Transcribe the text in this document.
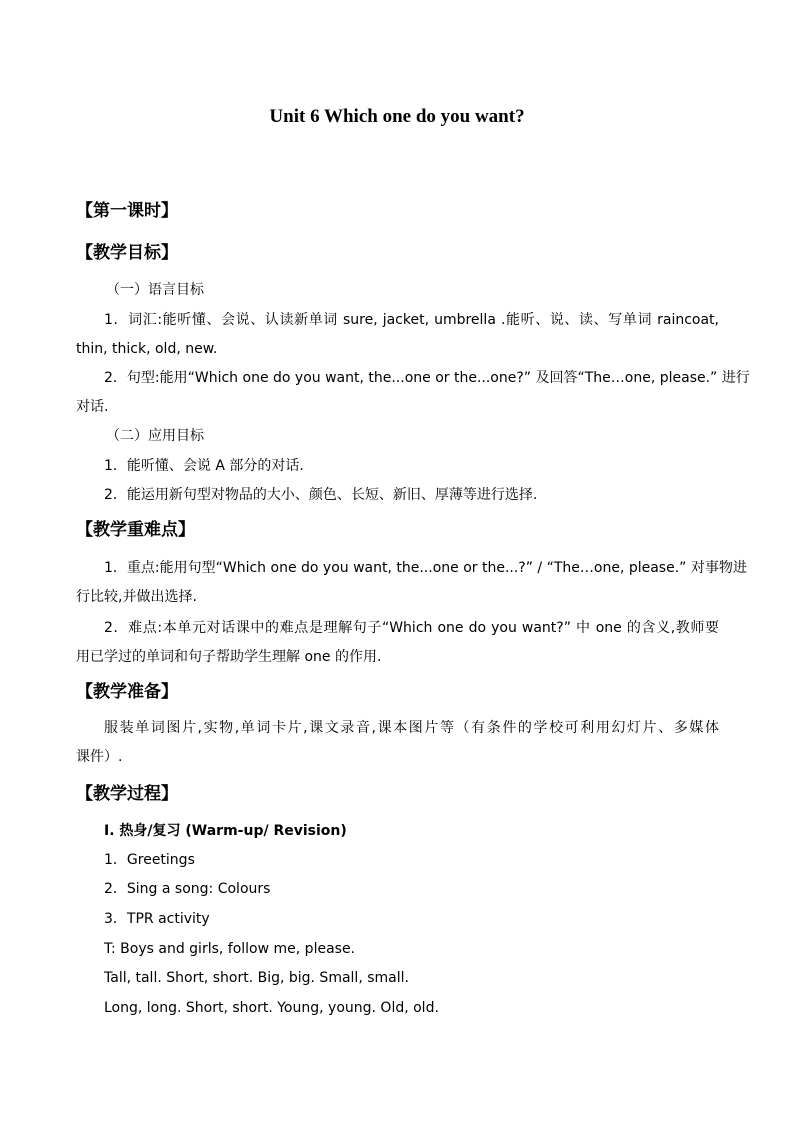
Unit 6 Which one do you want?
【第一课时】
【教学目标】
（一）语言目标
1．词汇:能听懂、会说、认读新单词 sure, jacket, umbrella .能听、说、读、写单词 raincoat,
thin, thick, old, new.
2．句型:能用“Which one do you want, the...one or the...one?” 及回答“The…one, please.” 进行
对话.
（二）应用目标
1．能听懂、会说 A 部分的对话.
2．能运用新句型对物品的大小、颜色、长短、新旧、厚薄等进行选择.
【教学重难点】
1．重点:能用句型“Which one do you want, the...one or the...?” / “The…one, please.” 对事物进
行比较,并做出选择.
2．难点:本单元对话课中的难点是理解句子“Which one do you want?” 中 one 的含义,教师要
用已学过的单词和句子帮助学生理解 one 的作用.
【教学准备】
服装单词图片,实物,单词卡片,课文录音,课本图片等（有条件的学校可利用幻灯片、多媒体
课件）.
【教学过程】
I. 热身/复习 (Warm-up/ Revision)
1．Greetings
2．Sing a song: Colours
3．TPR activity
T: Boys and girls, follow me, please.
Tall, tall. Short, short. Big, big. Small, small.
Long, long. Short, short. Young, young. Old, old.
